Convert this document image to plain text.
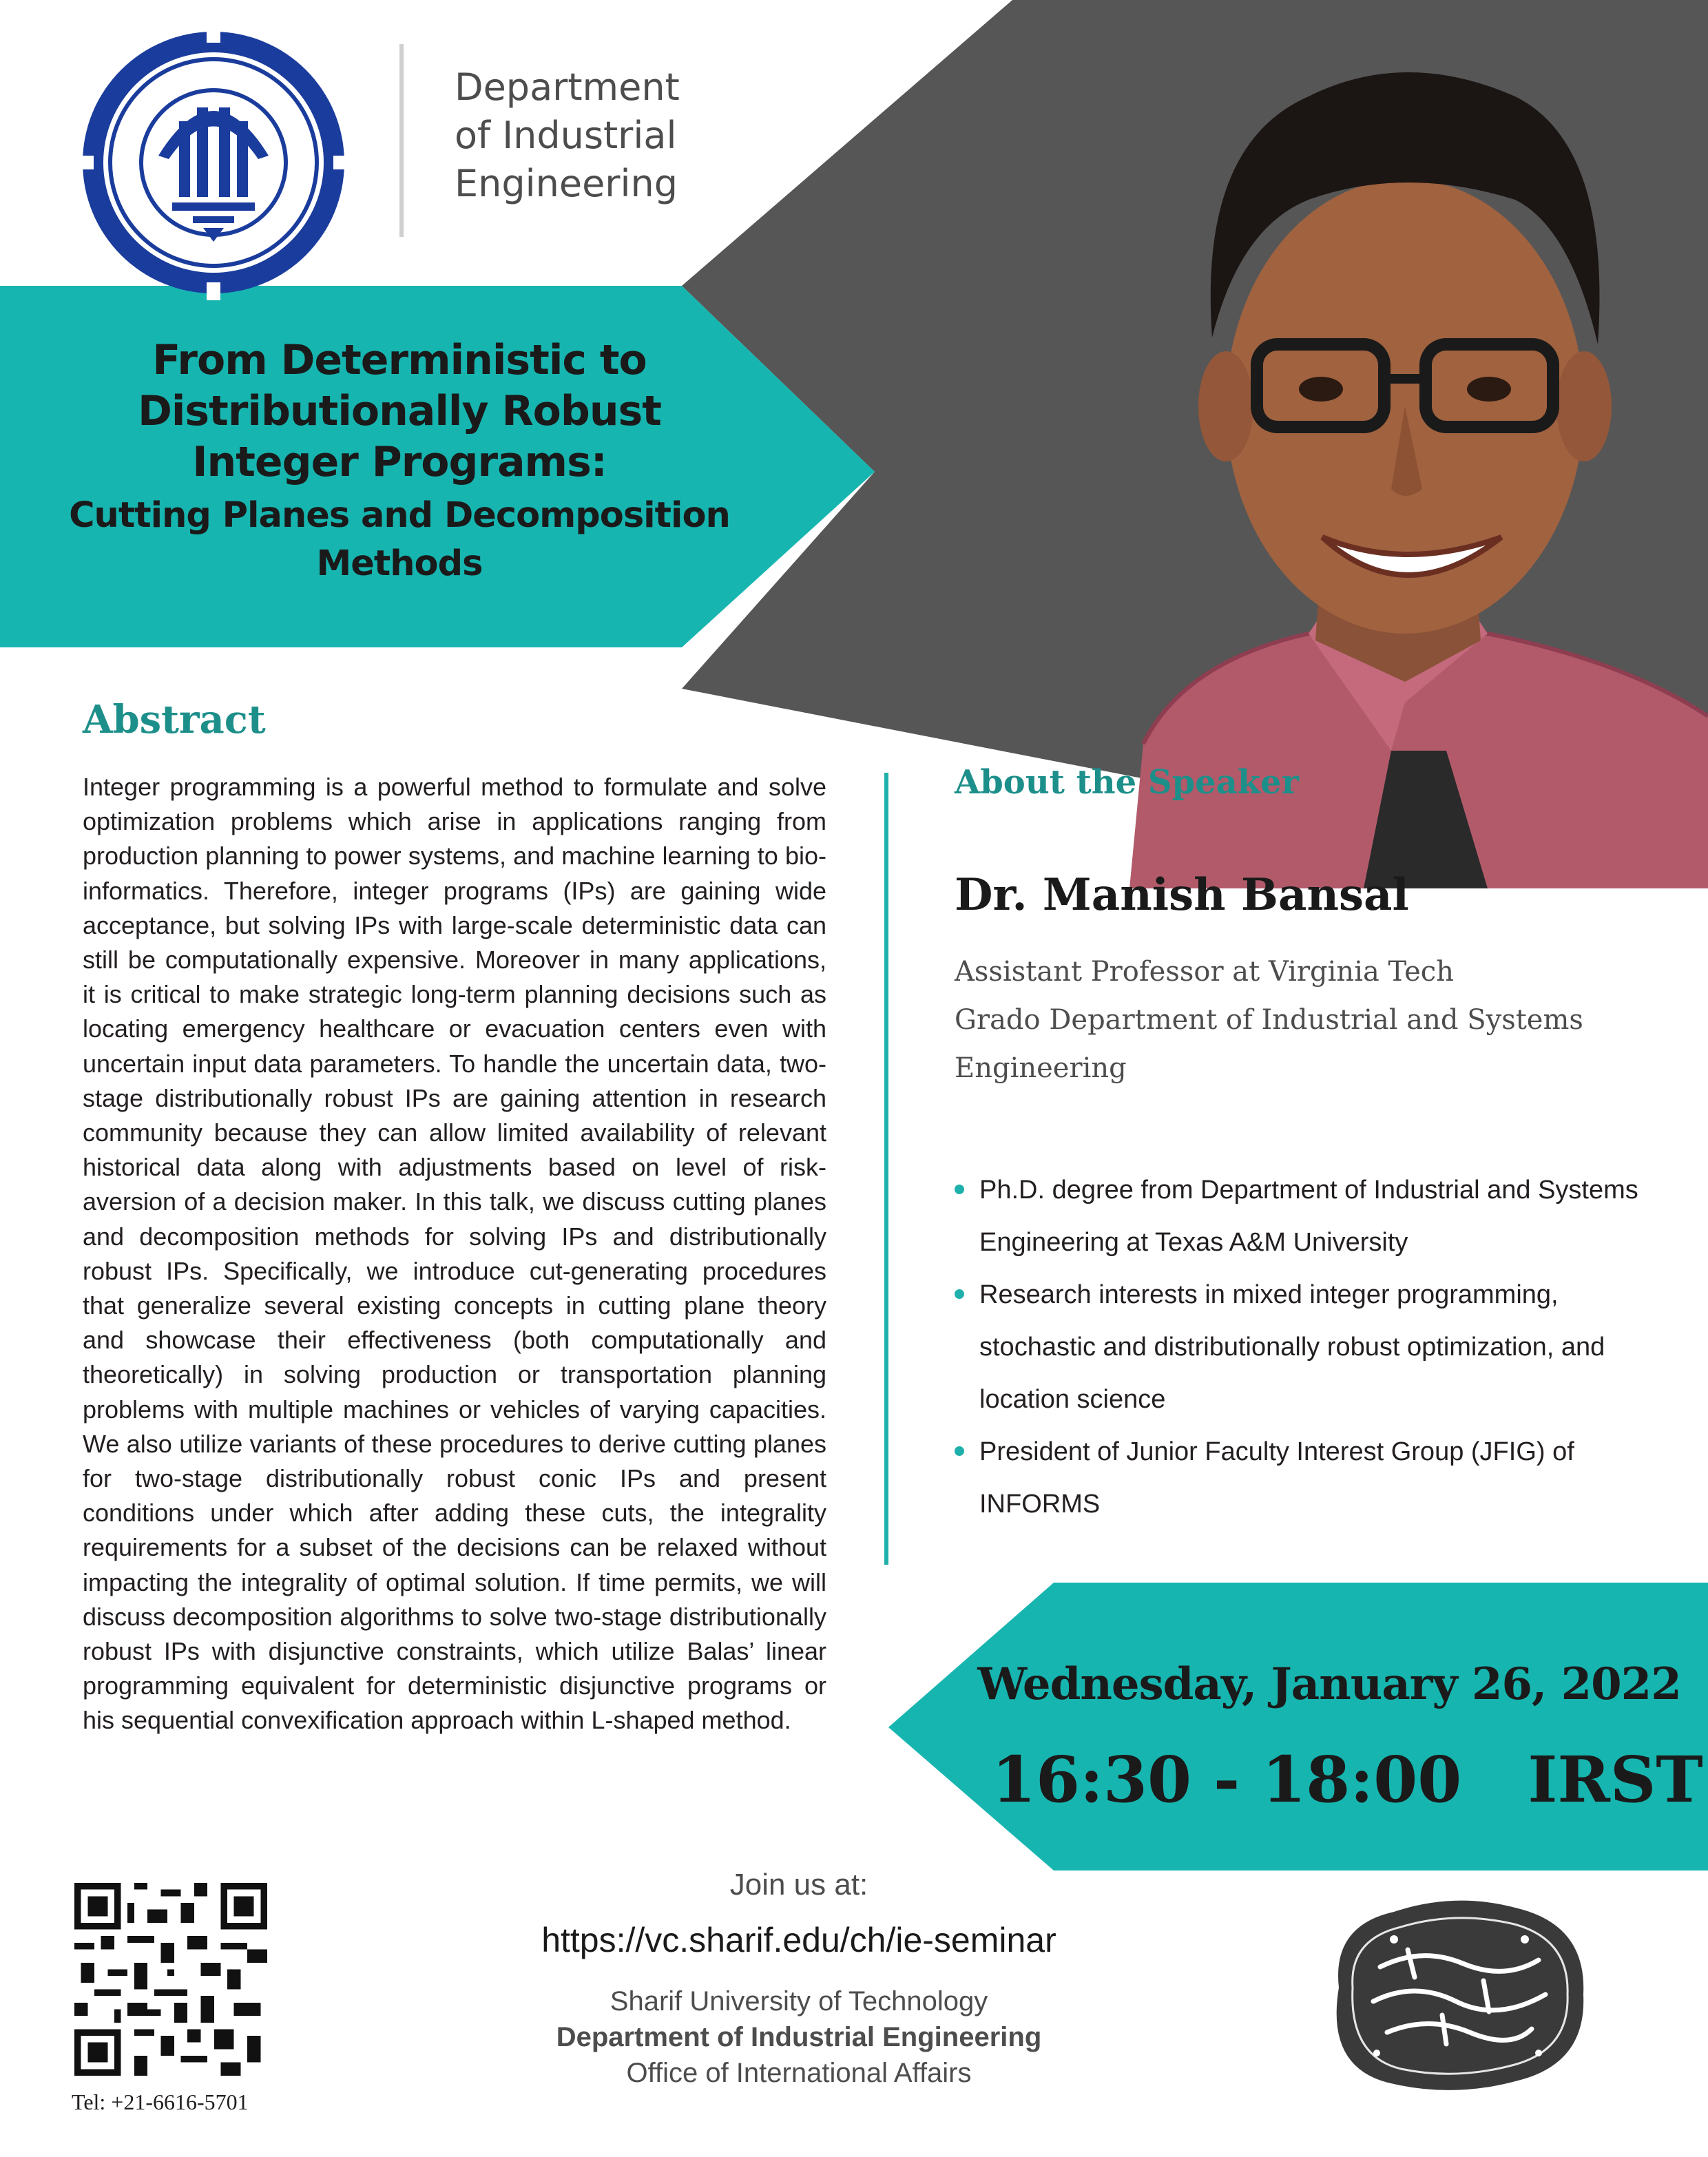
Department
of Industrial
Engineering
From Deterministic to
Distributionally Robust
Integer Programs:
Cutting Planes and Decomposition
Methods
Abstract
Integer programming is a powerful method to formulate and solve optimization problems which arise in applications ranging from production planning to power systems, and machine learning to bio-informatics. Therefore, integer programs (IPs) are gaining wide acceptance, but solving IPs with large-scale deterministic data can still be computationally expensive. Moreover in many applications, it is critical to make strategic long-term planning decisions such as locating emergency healthcare or evacuation centers even with uncertain input data parameters. To handle the uncertain data, two-stage distributionally robust IPs are gaining attention in research community because they can allow limited availability of relevant historical data along with adjustments based on level of risk-aversion of a decision maker. In this talk, we discuss cutting planes and decomposition methods for solving IPs and distributionally robust IPs. Specifically, we introduce cut-generating procedures that generalize several existing concepts in cutting plane theory and showcase their effectiveness (both computationally and theoretically) in solving production or transportation planning problems with multiple machines or vehicles of varying capacities. We also utilize variants of these procedures to derive cutting planes for two-stage distributionally robust conic IPs and present conditions under which after adding these cuts, the integrality requirements for a subset of the decisions can be relaxed without impacting the integrality of optimal solution. If time permits, we will discuss decomposition algorithms to solve two-stage distributionally robust IPs with disjunctive constraints, which utilize Balas’ linear programming equivalent for deterministic disjunctive programs or his sequential convexification approach within L-shaped method.
About the Speaker
Dr. Manish Bansal
Assistant Professor at Virginia Tech
Grado Department of Industrial and Systems
Engineering
Ph.D. degree from Department of Industrial and Systems Engineering at Texas A&M University
Research interests in mixed integer programming, stochastic and distributionally robust optimization, and location science
President of Junior Faculty Interest Group (JFIG) of INFORMS
Wednesday, January 26, 2022
16:30 - 18:00   IRST
Tel: +21-6616-5701
Join us at:
https://vc.sharif.edu/ch/ie-seminar
Sharif University of Technology
Department of Industrial Engineering
Office of International Affairs
